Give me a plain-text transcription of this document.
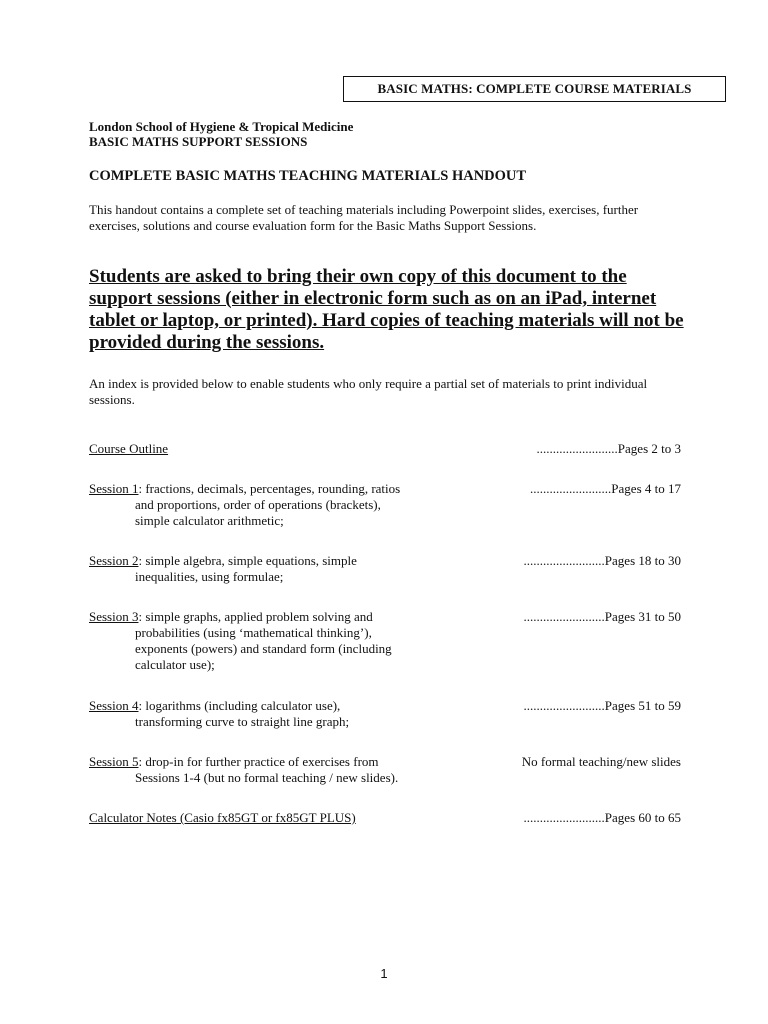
BASIC MATHS: COMPLETE COURSE MATERIALS
London School of Hygiene & Tropical Medicine
BASIC MATHS SUPPORT SESSIONS
COMPLETE BASIC MATHS TEACHING MATERIALS HANDOUT
This handout contains a complete set of teaching materials including Powerpoint slides, exercises, further exercises, solutions and course evaluation form for the Basic Maths Support Sessions.
Students are asked to bring their own copy of this document to the support sessions (either in electronic form such as on an iPad, internet tablet or laptop, or printed). Hard copies of teaching materials will not be provided during the sessions.
An index is provided below to enable students who only require a partial set of materials to print individual sessions.
Course Outline	.........................Pages 2 to 3
Session 1: fractions, decimals, percentages, rounding, ratios
and proportions, order of operations (brackets),
simple calculator arithmetic;
.........................Pages 4 to 17
Session 2: simple algebra, simple equations, simple
inequalities, using formulae;
.........................Pages 18 to 30
Session 3: simple graphs, applied problem solving and
probabilities (using ‘mathematical thinking’),
exponents (powers) and standard form (including
calculator use);
.........................Pages 31 to 50
Session 4: logarithms (including calculator use),
transforming curve to straight line graph;
.........................Pages 51 to 59
Session 5: drop-in for further practice of exercises from
Sessions 1-4 (but no formal teaching / new slides).
No formal teaching/new slides
Calculator Notes (Casio fx85GT or fx85GT PLUS)	.........................Pages 60 to 65
1
